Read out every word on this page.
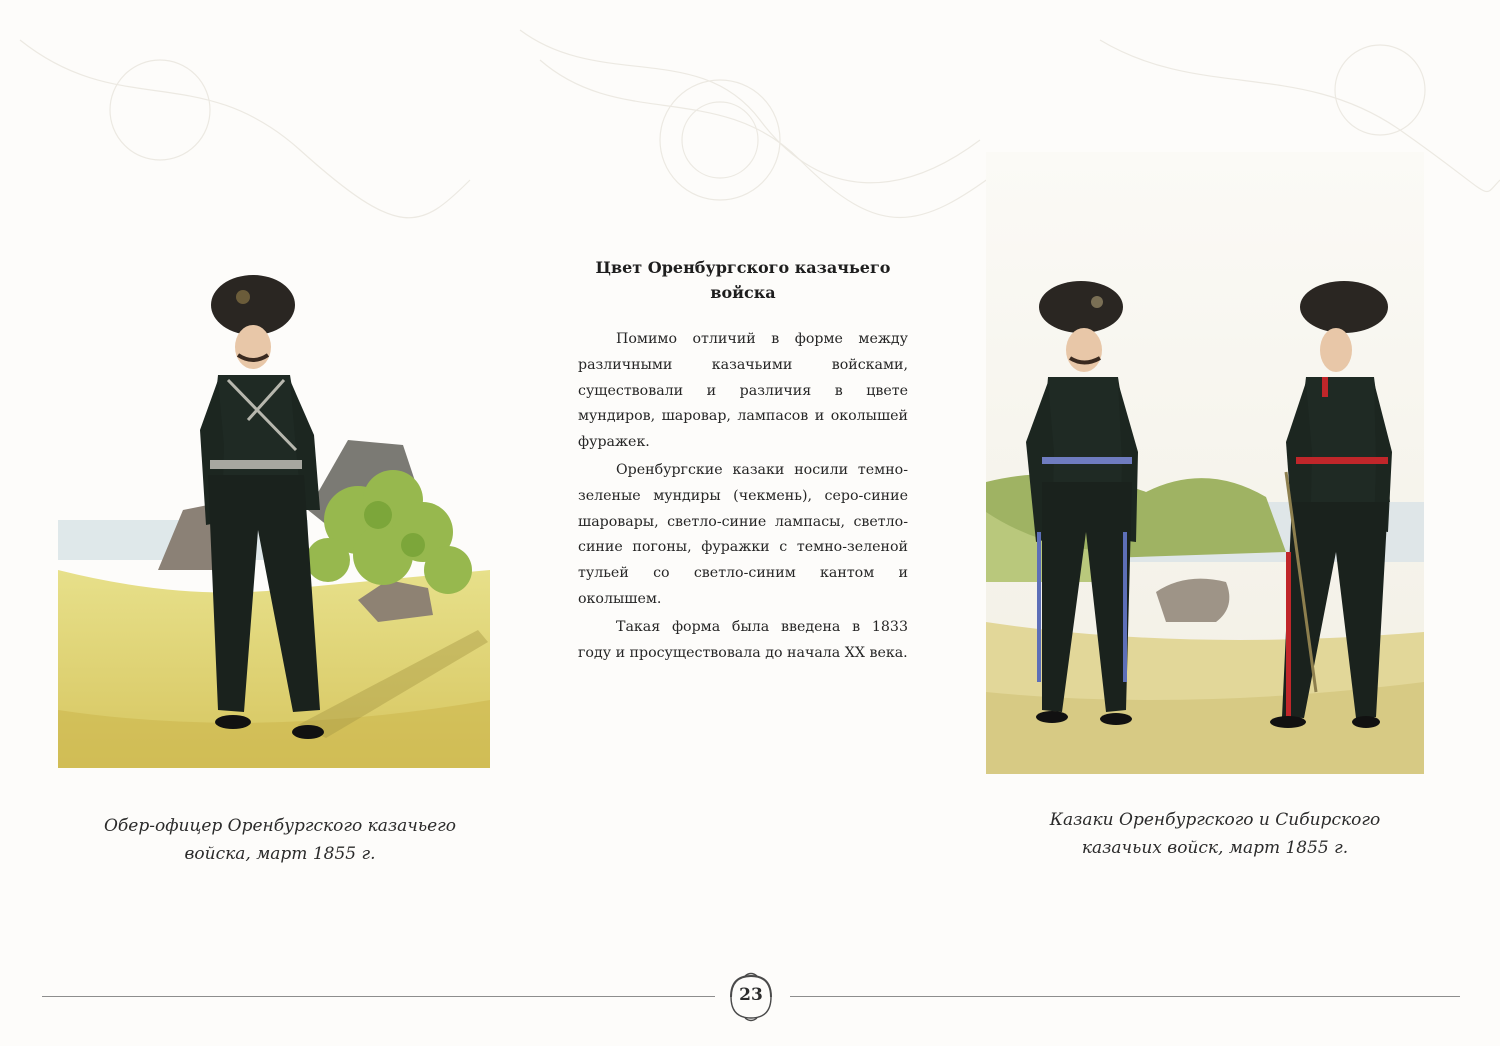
Обер-офицер Оренбургского казачьего
войска, март 1855 г.
Казаки Оренбургского и Сибирского
казачьих войск, март 1855 г.
Цвет Оренбургского казачьего войска

Помимо отличий в форме между различными казачьими войсками, существовали и различия в цвете мундиров, шаровар, лампасов и околышей фуражек.

Оренбургские казаки носили темно-зеленые мундиры (чекмень), серо-синие шаровары, светло-синие лампасы, светло-синие погоны, фуражки с темно-зеленой тульей со светло-синим кантом и околышем.

Такая форма была введена в 1833 году и просуществовала до начала XX века.

23
